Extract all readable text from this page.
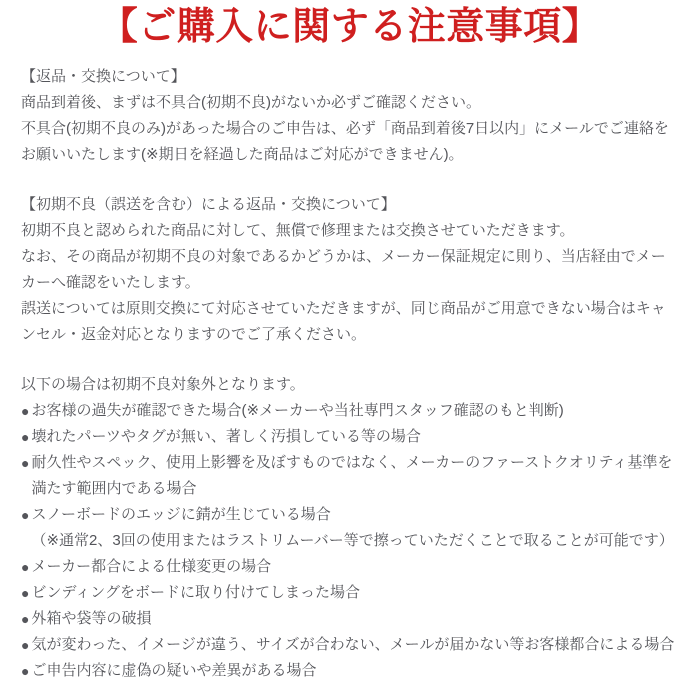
【ご購入に関する注意事項】

【返品・交換について】

商品到着後、まずは不具合(初期不良)がないか必ずご確認ください。

不具合(初期不良のみ)があった場合のご申告は、必ず「商品到着後7日以内」にメールでご連絡をお願いいたします(※期日を経過した商品はご対応ができません)。

【初期不良（誤送を含む）による返品・交換について】

初期不良と認められた商品に対して、無償で修理または交換させていただきます。

なお、その商品が初期不良の対象であるかどうかは、メーカー保証規定に則り、当店経由でメーカーへ確認をいたします。

誤送については原則交換にて対応させていただきますが、同じ商品がご用意できない場合はキャンセル・返金対応となりますのでご了承ください。

以下の場合は初期不良対象外となります。

● お客様の過失が確認できた場合(※メーカーや当社専門スタッフ確認のもと判断)
● 壊れたパーツやタグが無い、著しく汚損している等の場合
● 耐久性やスペック、使用上影響を及ぼすものではなく、メーカーのファーストクオリティ基準を満たす範囲内である場合
● スノーボードのエッジに錆が生じている場合
（※通常2、3回の使用またはラストリムーバー等で擦っていただくことで取ることが可能です）
● メーカー都合による仕様変更の場合
● ビンディングをボードに取り付けてしまった場合
● 外箱や袋等の破損
● 気が変わった、イメージが違う、サイズが合わない、メールが届かない等お客様都合による場合
● ご申告内容に虚偽の疑いや差異がある場合
